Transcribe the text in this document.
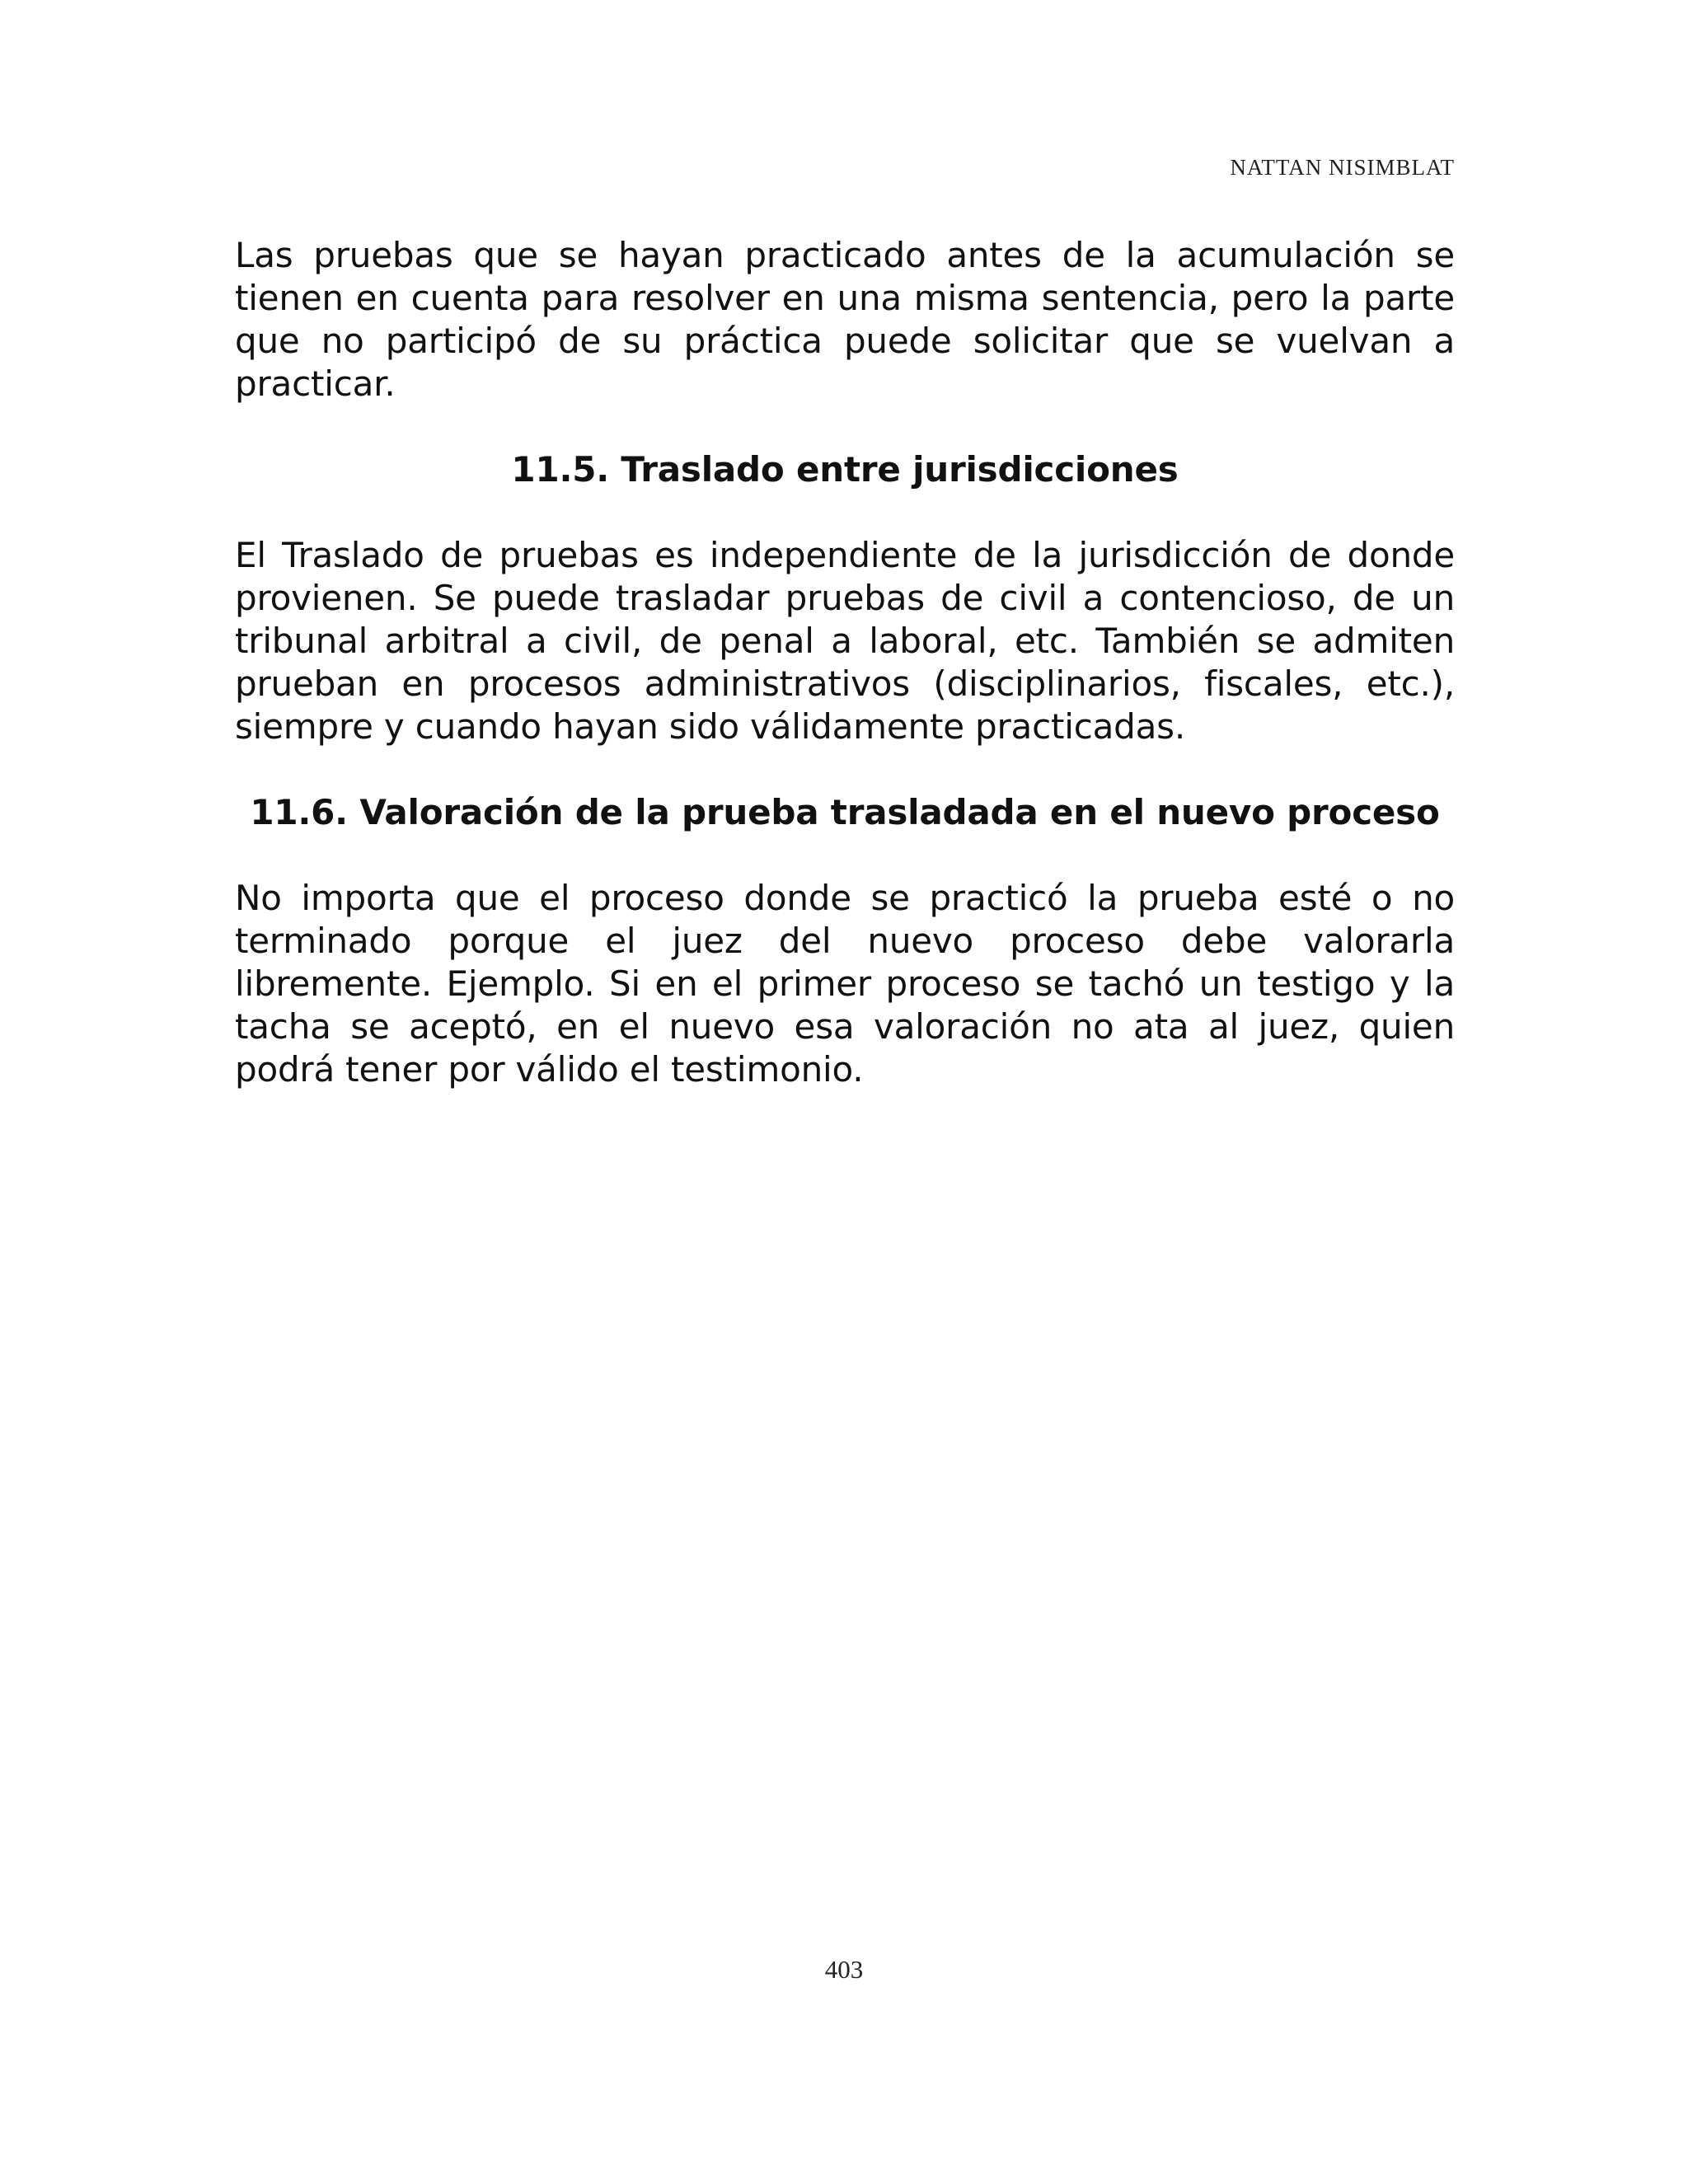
NATTAN NISIMBLAT

Las pruebas que se hayan practicado antes de la acumulación se tienen en cuenta para resolver en una misma sentencia, pero la parte que no participó de su práctica puede solicitar que se vuelvan a practicar.

11.5. Traslado entre jurisdicciones

El Traslado de pruebas es independiente de la jurisdicción de donde provienen. Se puede trasladar pruebas de civil a contencioso, de un tribunal arbitral a civil, de penal a laboral, etc. También se admiten prueban en procesos administrativos (disciplinarios, fiscales, etc.), siempre y cuando hayan sido válidamente practicadas.

11.6. Valoración de la prueba trasladada en el nuevo proceso

No importa que el proceso donde se practicó la prueba esté o no terminado porque el juez del nuevo proceso debe valorarla libremente. Ejemplo. Si en el primer proceso se tachó un testigo y la tacha se aceptó, en el nuevo esa valoración no ata al juez, quien podrá tener por válido el testimonio.

403
